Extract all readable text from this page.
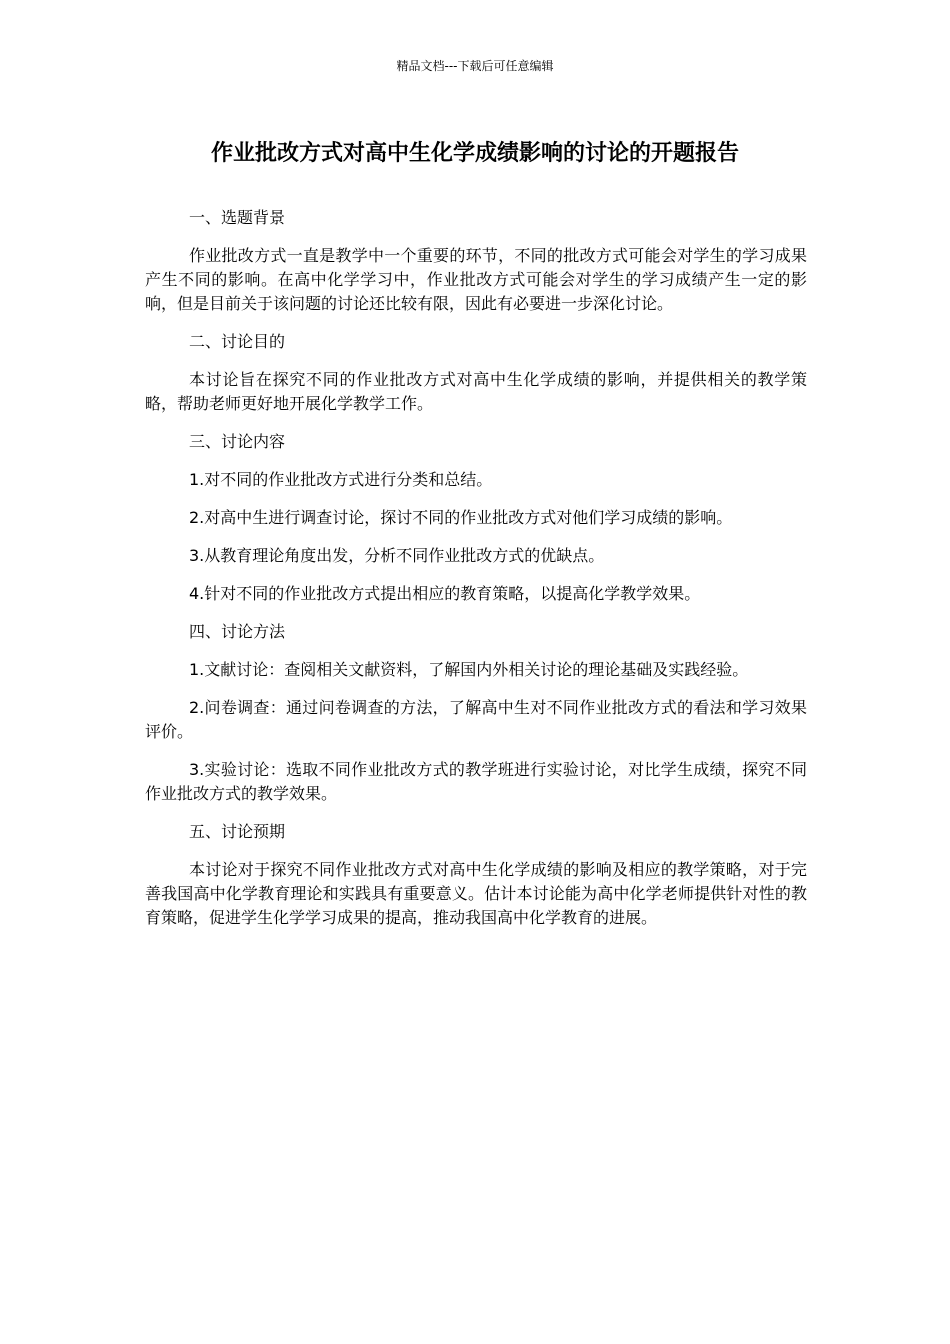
精品文档---下载后可任意编辑
作业批改方式对高中生化学成绩影响的讨论的开题报告

一、选题背景

作业批改方式一直是教学中一个重要的环节，不同的批改方式可能会对学生的学习成果产生不同的影响。在高中化学学习中，作业批改方式可能会对学生的学习成绩产生一定的影响，但是目前关于该问题的讨论还比较有限，因此有必要进一步深化讨论。

二、讨论目的

本讨论旨在探究不同的作业批改方式对高中生化学成绩的影响，并提供相关的教学策略，帮助老师更好地开展化学教学工作。

三、讨论内容

1.对不同的作业批改方式进行分类和总结。

2.对高中生进行调查讨论，探讨不同的作业批改方式对他们学习成绩的影响。

3.从教育理论角度出发，分析不同作业批改方式的优缺点。

4.针对不同的作业批改方式提出相应的教育策略，以提高化学教学效果。

四、讨论方法

1.文献讨论：查阅相关文献资料，了解国内外相关讨论的理论基础及实践经验。

2.问卷调查：通过问卷调查的方法，了解高中生对不同作业批改方式的看法和学习效果评价。

3.实验讨论：选取不同作业批改方式的教学班进行实验讨论，对比学生成绩，探究不同作业批改方式的教学效果。

五、讨论预期

本讨论对于探究不同作业批改方式对高中生化学成绩的影响及相应的教学策略，对于完善我国高中化学教育理论和实践具有重要意义。估计本讨论能为高中化学老师提供针对性的教育策略，促进学生化学学习成果的提高，推动我国高中化学教育的进展。
